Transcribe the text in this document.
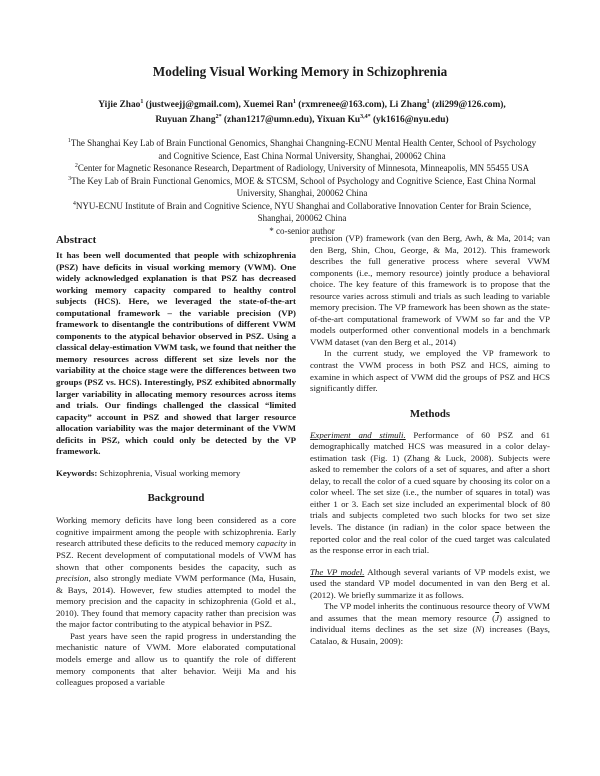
Modeling Visual Working Memory in Schizophrenia
Yijie Zhao$^1$ (justweejj@gmail.com), Xuemei Ran$^1$ (rxmrenee@163.com), Li Zhang$^1$ (zli299@126.com),
Ruyuan Zhang$^{2*}$ (zhan1217@umn.edu), Yixuan $Ku^{3,4*}$ (yk1616@nyu.edu)

$^1$The Shanghai Key Lab of Brain Functional Genomics, Shanghai Changning-ECNU Mental Health Center, School of Psychology and Cognitive Science, East China Normal University, Shanghai, 200062 China

$^2$Center for Magnetic Resonance Research, Department of Radiology, University of Minnesota, Minneapolis, MN 55455 USA

$^3$The Key Lab of Brain Functional Genomics, MOE & STCSM, School of Psychology and Cognitive Science, East China Normal University, Shanghai, 200062 China

$^4$NYU-ECNU Institute of Brain and Cognitive Science, NYU Shanghai and Collaborative Innovation Center for Brain Science, Shanghai, 200062 China

* co-senior author

Abstract

It has been well documented that people with schizophrenia (PSZ) have deficits in visual working memory (VWM). One widely acknowledged explanation is that PSZ has decreased working memory capacity compared to healthy control subjects (HCS). Here, we leveraged the state-of-the-art computational framework – the variable precision (VP) framework to disentangle the contributions of different VWM components to the atypical behavior observed in PSZ. Using a classical delay-estimation VWM task, we found that neither the memory resources across different set size levels nor the variability at the choice stage were the differences between two groups (PSZ vs. HCS). Interestingly, PSZ exhibited abnormally larger variability in allocating memory resources across items and trials. Our findings challenged the classical “limited capacity” account in PSZ and showed that larger resource allocation variability was the major determinant of the VWM deficits in PSZ, which could only be detected by the VP framework.

Keywords: Schizophrenia, Visual working memory

Background

Working memory deficits have long been considered as a core cognitive impairment among the people with schizophrenia. Early research attributed these deficits to the reduced memory capacity in PSZ. Recent development of computational models of VWM has shown that other components besides the capacity, such as precision, also strongly mediate VWM performance (Ma, Husain, & Bays, 2014). However, few studies attempted to model the memory precision and the capacity in schizophrenia (Gold et al., 2010). They found that memory capacity rather than precision was the major factor contributing to the atypical behavior in PSZ.

Past years have seen the rapid progress in understanding the mechanistic nature of VWM. More elaborated computational models emerge and allow us to quantify the role of different memory components that alter behavior. Weiji Ma and his colleagues proposed a variable

precision (VP) framework (van den Berg, Awh, & Ma, 2014; van den Berg, Shin, Chou, George, & Ma, 2012). This framework describes the full generative process where several VWM components (i.e., memory resource) jointly produce a behavioral choice. The key feature of this framework is to propose that the resource varies across stimuli and trials as such leading to variable memory precision. The VP framework has been shown as the state-of-the-art computational framework of VWM so far and the VP models outperformed other conventional models in a benchmark VWM dataset (van den Berg et al., 2014)

In the current study, we employed the VP framework to contrast the VWM process in both PSZ and HCS, aiming to examine in which aspect of VWM did the groups of PSZ and HCS significantly differ.

Methods

Experiment and stimuli. Performance of 60 PSZ and 61 demographically matched HCS was measured in a color delay-estimation task (Fig. 1) (Zhang & Luck, 2008). Subjects were asked to remember the colors of a set of squares, and after a short delay, to recall the color of a cued square by choosing its color on a color wheel. The set size (i.e., the number of squares in total) was either 1 or 3. Each set size included an experimental block of 80 trials and subjects completed two such blocks for two set size levels. The distance (in radian) in the color space between the reported color and the real color of the cued target was calculated as the response error in each trial.

The VP model. Although several variants of VP models exist, we used the standard VP model documented in van den Berg et al. (2012). We briefly summarize it as follows.

The VP model inherits the continuous resource theory of VWM and assumes that the mean memory resource $(\overline{J})$ assigned to individual items declines as the set size (N) increases (Bays, Catalao, & Husain, 2009):
